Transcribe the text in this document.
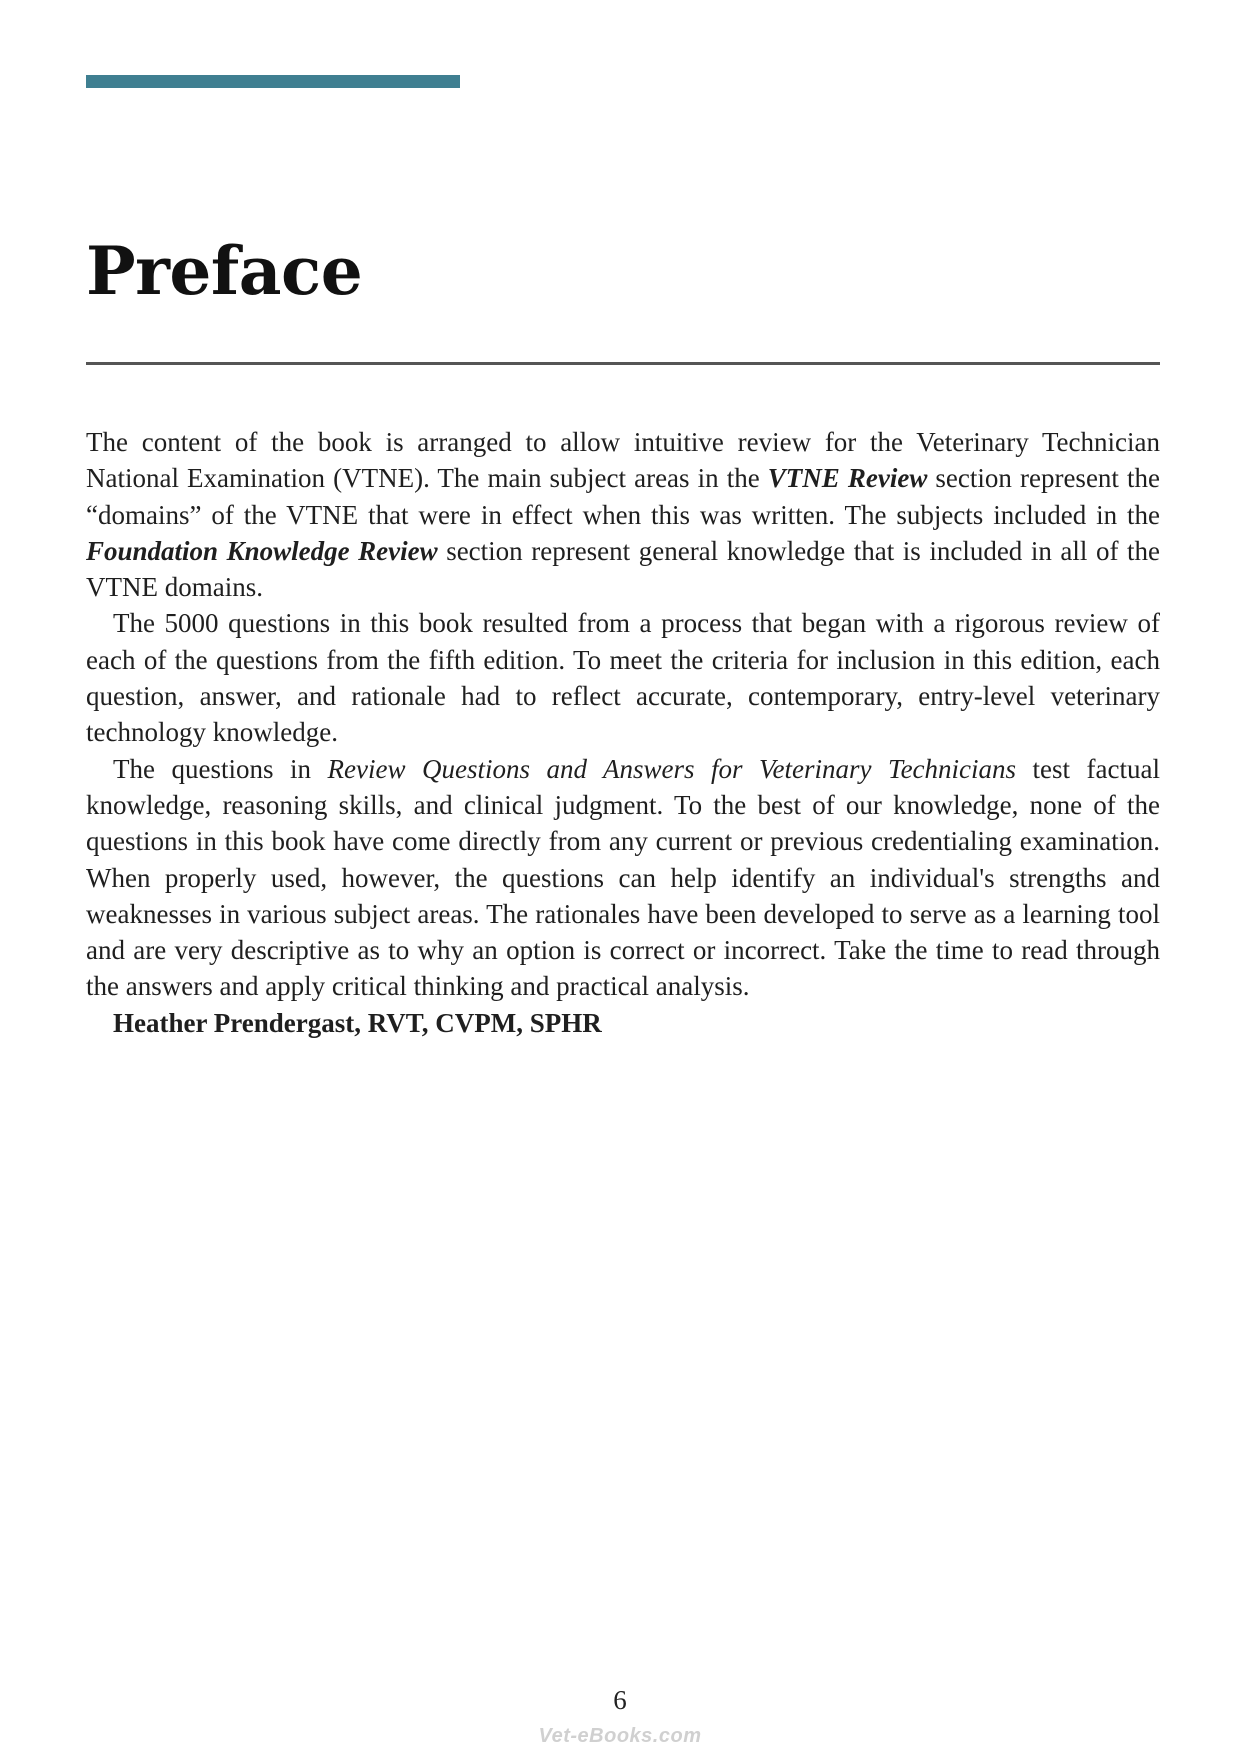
Preface

The content of the book is arranged to allow intuitive review for the Veterinary Technician National Examination (VTNE). The main subject areas in the VTNE Review section represent the “domains” of the VTNE that were in effect when this was written. The subjects included in the Foundation Knowledge Review section represent general knowledge that is included in all of the VTNE domains.

The 5000 questions in this book resulted from a process that began with a rigorous review of each of the questions from the fifth edition. To meet the criteria for inclusion in this edition, each question, answer, and rationale had to reflect accurate, contemporary, entry-level veterinary technology knowledge.

The questions in Review Questions and Answers for Veterinary Technicians test factual knowledge, reasoning skills, and clinical judgment. To the best of our knowledge, none of the questions in this book have come directly from any current or previous credentialing examination. When properly used, however, the questions can help identify an individual's strengths and weaknesses in various subject areas. The rationales have been developed to serve as a learning tool and are very descriptive as to why an option is correct or incorrect. Take the time to read through the answers and apply critical thinking and practical analysis.

Heather Prendergast, RVT, CVPM, SPHR

6
Vet-eBooks.com
